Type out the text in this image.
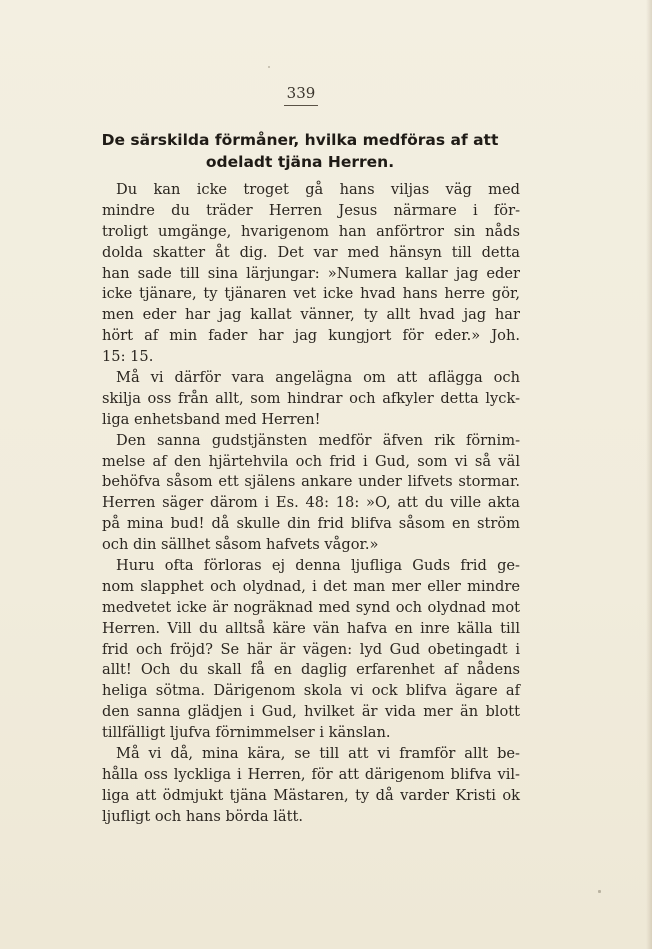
339
De särskilda förmåner, hvilka medföras af att
odeladt tjäna Herren.
Du kan icke troget gå hans viljas väg med
mindre du träder Herren Jesus närmare i för-
troligt umgänge, hvarigenom han anförtror sin nåds
dolda skatter åt dig. Det var med hänsyn till detta
han sade till sina lärjungar: »Numera kallar jag eder
icke tjänare, ty tjänaren vet icke hvad hans herre gör,
men eder har jag kallat vänner, ty allt hvad jag har
hört af min fader har jag kungjort för eder.» Joh.
15: 15.
Må vi därför vara angelägna om att aflägga och
skilja oss från allt, som hindrar och afkyler detta lyck-
liga enhetsband med Herren!
Den sanna gudstjänsten medför äfven rik förnim-
melse af den hjärtehvila och frid i Gud, som vi så väl
behöfva såsom ett själens ankare under lifvets stormar.
Herren säger därom i Es. 48: 18: »O, att du ville akta
på mina bud! då skulle din frid blifva såsom en ström
och din sällhet såsom hafvets vågor.»
Huru ofta förloras ej denna ljufliga Guds frid ge-
nom slapphet och olydnad, i det man mer eller mindre
medvetet icke är nogräknad med synd och olydnad mot
Herren. Vill du alltså käre vän hafva en inre källa till
frid och fröjd? Se här är vägen: lyd Gud obetingadt i
allt! Och du skall få en daglig erfarenhet af nådens
heliga sötma. Därigenom skola vi ock blifva ägare af
den sanna glädjen i Gud, hvilket är vida mer än blott
tillfälligt ljufva förnimmelser i känslan.
Må vi då, mina kära, se till att vi framför allt be-
hålla oss lyckliga i Herren, för att därigenom blifva vil-
liga att ödmjukt tjäna Mästaren, ty då varder Kristi ok
ljufligt och hans börda lätt.
